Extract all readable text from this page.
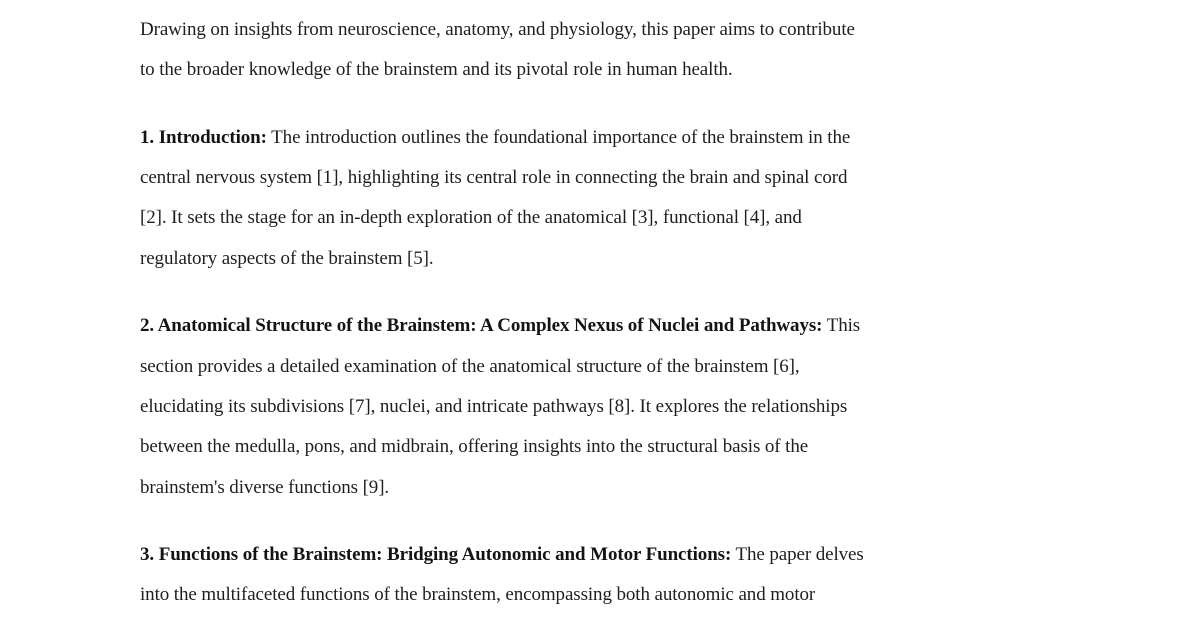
Drawing on insights from neuroscience, anatomy, and physiology, this paper aims to contribute
to the broader knowledge of the brainstem and its pivotal role in human health.
1. Introduction: The introduction outlines the foundational importance of the brainstem in the
central nervous system [1], highlighting its central role in connecting the brain and spinal cord
[2]. It sets the stage for an in-depth exploration of the anatomical [3], functional [4], and
regulatory aspects of the brainstem [5].
2. Anatomical Structure of the Brainstem: A Complex Nexus of Nuclei and Pathways: This
section provides a detailed examination of the anatomical structure of the brainstem [6],
elucidating its subdivisions [7], nuclei, and intricate pathways [8]. It explores the relationships
between the medulla, pons, and midbrain, offering insights into the structural basis of the
brainstem's diverse functions [9].
3. Functions of the Brainstem: Bridging Autonomic and Motor Functions: The paper delves
into the multifaceted functions of the brainstem, encompassing both autonomic and motor
